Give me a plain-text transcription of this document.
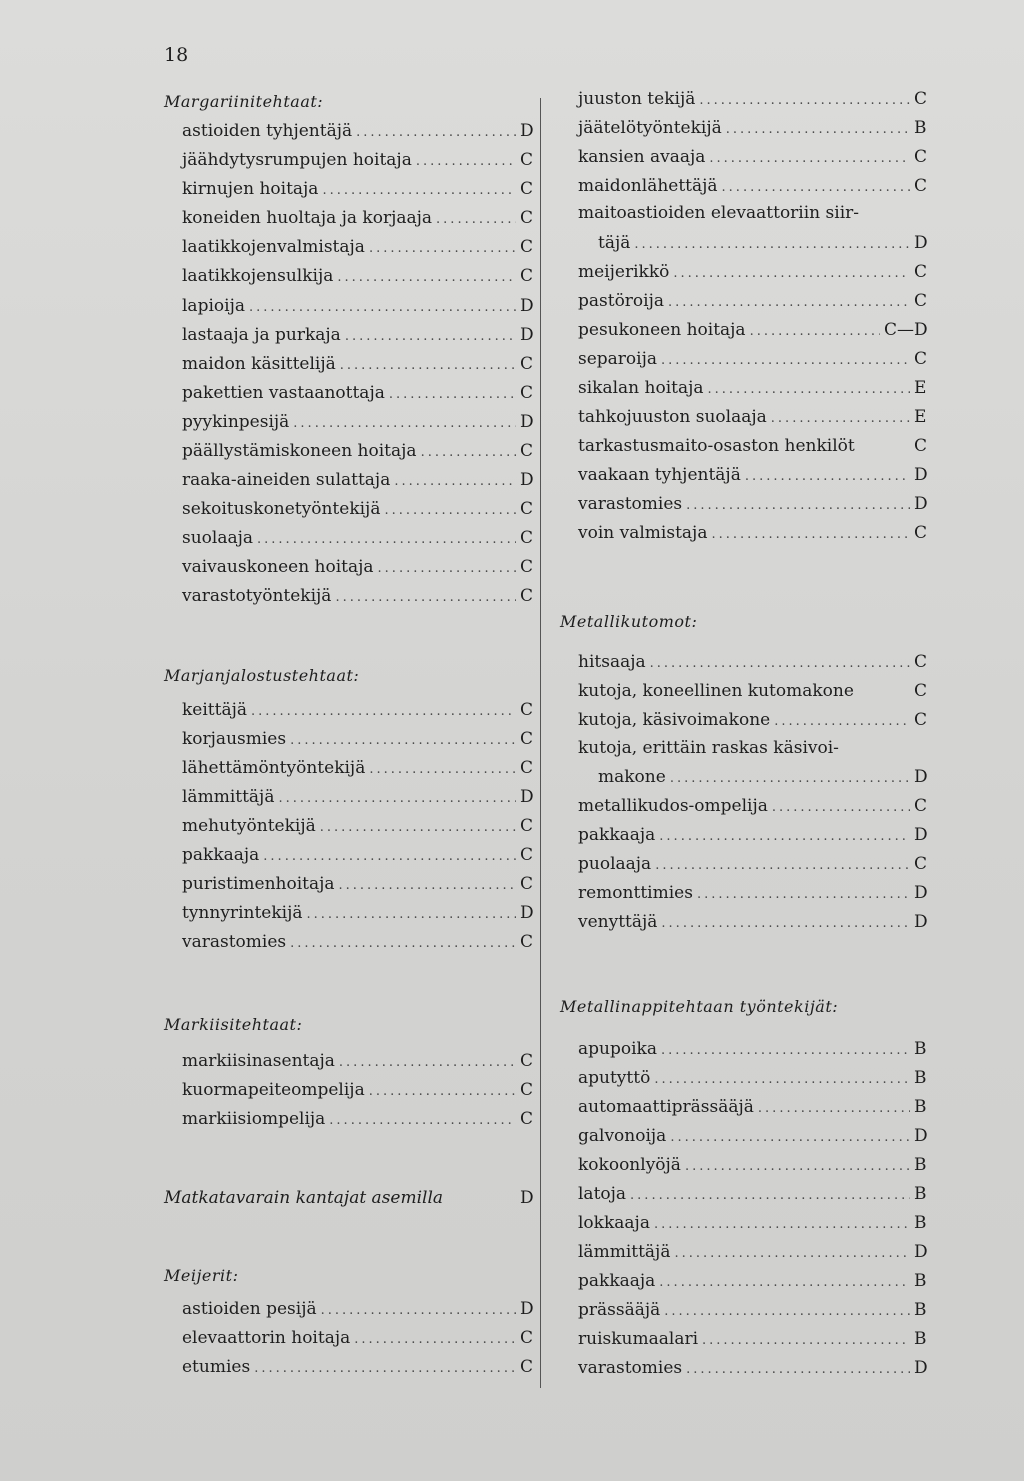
18
Margariinitehtaat:
astioiden tyhjentäjä .....	D
jäähdytysrumpujen hoitaja .....	C
kirnujen hoitaja .....	C
koneiden huoltaja ja korjaaja .....	C
laatikkojenvalmistaja .....	C
laatikkojensulkija .....	C
lapioija .....	D
lastaaja ja purkaja .....	D
maidon käsittelijä .....	C
pakettien vastaanottaja .....	C
pyykinpesijä .....	D
päällystämiskoneen hoitaja .....	C
raaka-aineiden sulattaja .....	D
sekoituskonetyöntekijä .....	C
suolaaja .....	C
vaivauskoneen hoitaja .....	C
varastotyöntekijä .....	C
Marjanjalostustehtaat:
keittäjä .....	C
korjausmies .....	C
lähettämöntyöntekijä .....	C
lämmittäjä .....	D
mehutyöntekijä .....	C
pakkaaja .....	C
puristimenhoitaja .....	C
tynnyrintekijä .....	D
varastomies .....	C
Markiisitehtaat:
markiisinasentaja .....	C
kuormapeiteompelija .....	C
markiisiompelija .....	C
Matkatavarain kantajat asemilla	D
Meijerit:
astioiden pesijä .....	D
elevaattorin hoitaja .....	C
etumies .....	C
juuston tekijä .....	C
jäätelötyöntekijä .....	B
kansien avaaja .....	C
maidonlähettäjä .....	C
maitoastioiden elevaattoriin siir-
täjä .....	D
meijerikkö .....	C
pastöroija .....	C
pesukoneen hoitaja .....	C—D
separoija .....	C
sikalan hoitaja .....	E
tahkojuuston suolaaja .....	E
tarkastusmaito-osaston henkilöt	C
vaakaan tyhjentäjä .....	D
varastomies .....	D
voin valmistaja .....	C
Metallikutomot:
hitsaaja .....	C
kutoja, koneellinen kutomakone	C
kutoja, käsivoimakone .....	C
kutoja, erittäin raskas käsivoi-
makone .....	D
metallikudos-ompelija .....	C
pakkaaja .....	D
puolaaja .....	C
remonttimies .....	D
venyttäjä .....	D
Metallinappitehtaan työntekijät:
apupoika .....	B
aputyttö .....	B
automaattiprässääjä .....	B
galvonoija .....	D
kokoonlyöjä .....	B
latoja .....	B
lokkaaja .....	B
lämmittäjä .....	D
pakkaaja .....	B
prässääjä .....	B
ruiskumaalari .....	B
varastomies .....	D
